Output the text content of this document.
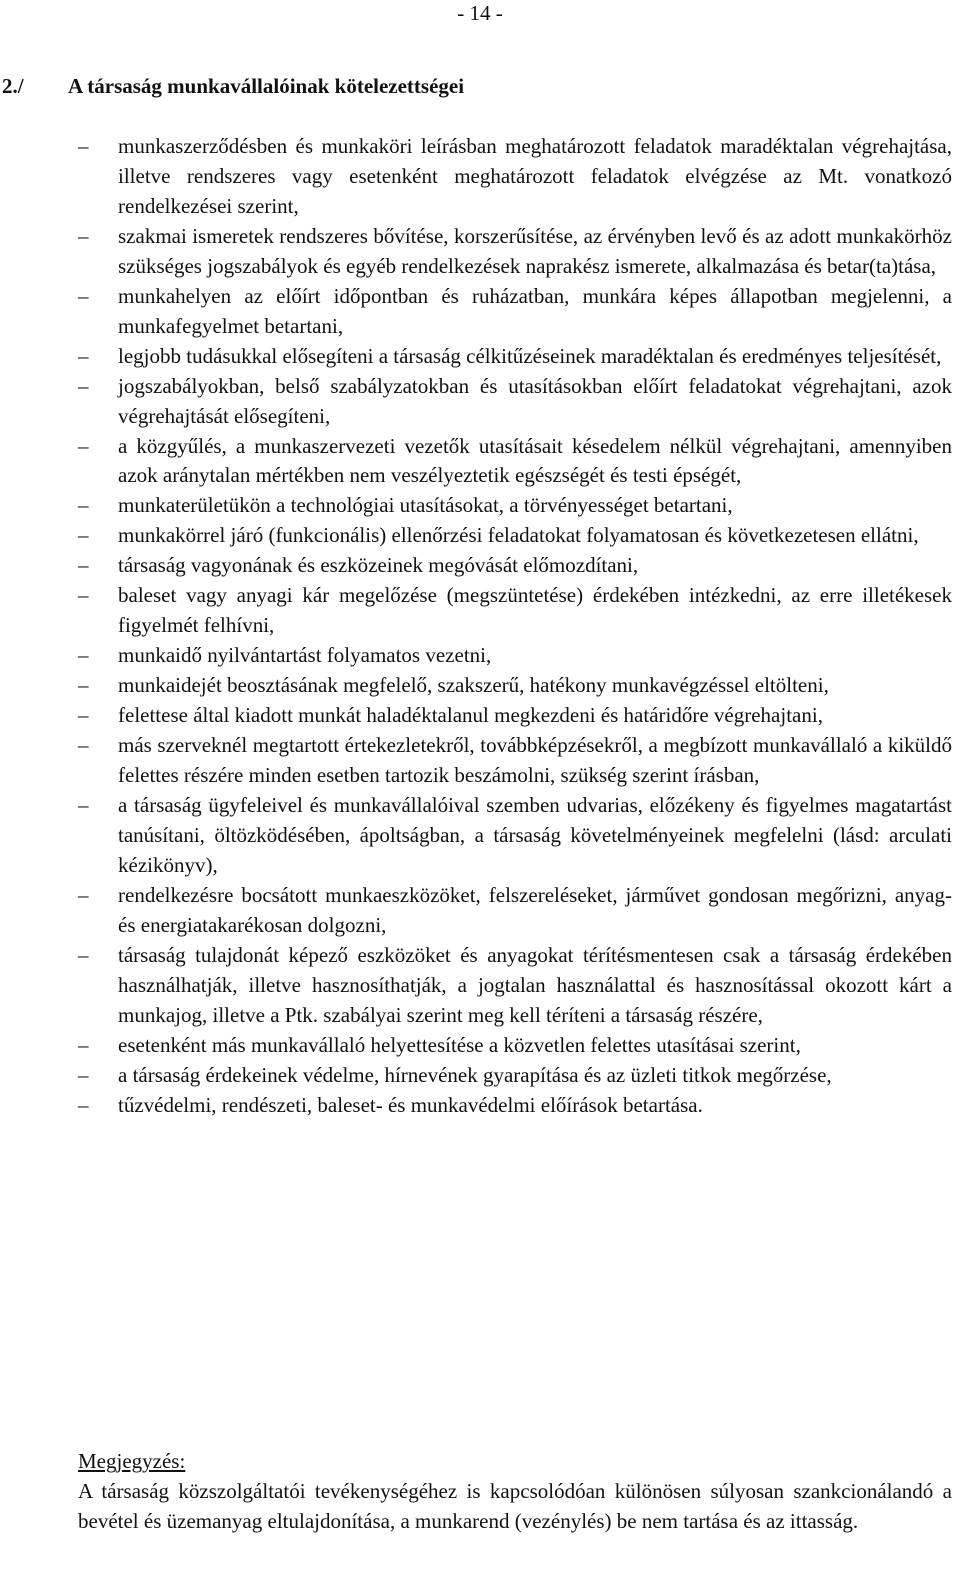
- 14 -
2./	A társaság munkavállalóinak kötelezettségei
–	munkaszerződésben és munkaköri leírásban meghatározott feladatok maradéktalan végrehajtása, illetve rendszeres vagy esetenként meghatározott feladatok elvégzése az Mt. vonatkozó rendelkezései szerint,
–	szakmai ismeretek rendszeres bővítése, korszerűsítése, az érvényben levő és az adott munkakörhöz szükséges jogszabályok és egyéb rendelkezések naprakész ismerete, alkalmazása és betar(ta)tása,
–	munkahelyen az előírt időpontban és ruházatban, munkára képes állapotban megjelenni, a munkafegyelmet betartani,
–	legjobb tudásukkal elősegíteni a társaság célkitűzéseinek maradéktalan és eredményes teljesítését,
–	jogszabályokban, belső szabályzatokban és utasításokban előírt feladatokat végrehajtani, azok végrehajtását elősegíteni,
–	a közgyűlés, a munkaszervezeti vezetők utasításait késedelem nélkül végrehajtani, amennyiben azok aránytalan mértékben nem veszélyeztetik egészségét és testi épségét,
–	munkaterületükön a technológiai utasításokat, a törvényességet betartani,
–	munkakörrel járó (funkcionális) ellenőrzési feladatokat folyamatosan és következetesen ellátni,
–	társaság vagyonának és eszközeinek megóvását előmozdítani,
–	baleset vagy anyagi kár megelőzése (megszüntetése) érdekében intézkedni, az erre illetékesek figyelmét felhívni,
–	munkaidő nyilvántartást folyamatos vezetni,
–	munkaidejét beosztásának megfelelő, szakszerű, hatékony munkavégzéssel eltölteni,
–	felettese által kiadott munkát haladéktalanul megkezdeni és határidőre végrehajtani,
–	más szerveknél megtartott értekezletekről, továbbképzésekről, a megbízott munkavállaló a kiküldő felettes részére minden esetben tartozik beszámolni, szükség szerint írásban,
–	a társaság ügyfeleivel és munkavállalóival szemben udvarias, előzékeny és figyelmes magatartást tanúsítani, öltözködésében, ápoltságban, a társaság követelményeinek megfelelni (lásd: arculati kézikönyv),
–	rendelkezésre bocsátott munkaeszközöket, felszereléseket, járművet gondosan megőrizni, anyag- és energiatakarékosan dolgozni,
–	társaság tulajdonát képező eszközöket és anyagokat térítésmentesen csak a társaság érdekében használhatják, illetve hasznosíthatják, a jogtalan használattal és hasznosítással okozott kárt a munkajog, illetve a Ptk. szabályai szerint meg kell téríteni a társaság részére,
–	esetenként más munkavállaló helyettesítése a közvetlen felettes utasításai szerint,
–	a társaság érdekeinek védelme, hírnevének gyarapítása és az üzleti titkok megőrzése,
–	tűzvédelmi, rendészeti, baleset- és munkavédelmi előírások betartása.
Megjegyzés:

A társaság közszolgáltatói tevékenységéhez is kapcsolódóan különösen súlyosan szankcionálandó a bevétel és üzemanyag eltulajdonítása, a munkarend (vezénylés) be nem tartása és az ittasság.
